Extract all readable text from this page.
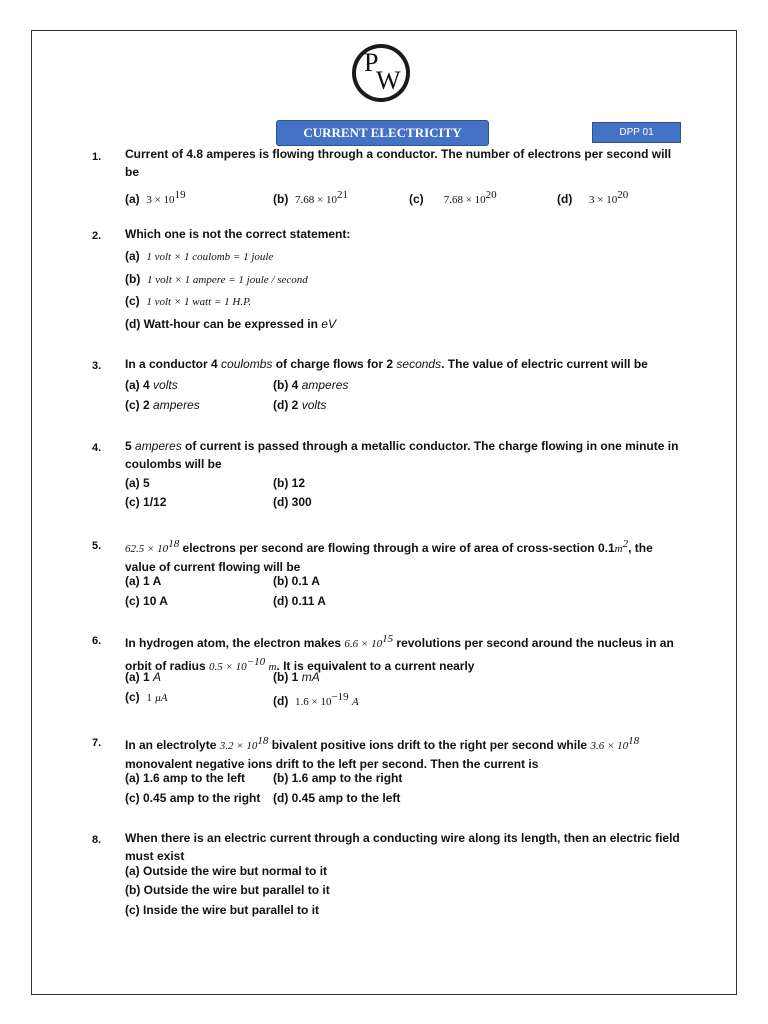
P
W
CURRENT ELECTRICITY	DPP 01
1. Current of 4.8 amperes is flowing through a conductor. The number of electrons per second will be
(a) $3 \times 10^{19}$	(b) $7.68 \times 10^{21}$	(c) $7.68 \times 10^{20}$	(d) $3 \times 10^{20}$
2. Which one is not the correct statement:
(a) 1 volt × 1 coulomb = 1 joule
(b) 1 volt × 1 ampere = 1 joule / second
(c) 1 volt × 1 watt = 1 H.P.
(d) Watt-hour can be expressed in eV
3. In a conductor 4 coulombs of charge flows for 2 seconds. The value of electric current will be
(a) 4 volts	(b) 4 amperes
(c) 2 amperes	(d) 2 volts
4. 5 amperes of current is passed through a metallic conductor. The charge flowing in one minute in coulombs will be
(a) 5	(b) 12
(c) 1/12	(d) 300
5. $62.5 \times 10^{18}$ electrons per second are flowing through a wire of area of cross-section $0.1m^2$, the value of current flowing will be
(a) 1 A	(b) 0.1 A
(c) 10 A	(d) 0.11 A
6. In hydrogen atom, the electron makes $6.6 \times 10^{15}$ revolutions per second around the nucleus in an orbit of radius $0.5 \times 10^{-10}$ m. It is equivalent to a current nearly
(a) 1 A	(b) 1 mA
(c) 1 μA	(d) $1.6 \times 10^{-19}$ A
7. In an electrolyte $3.2 \times 10^{18}$ bivalent positive ions drift to the right per second while $3.6 \times 10^{18}$ monovalent negative ions drift to the left per second. Then the current is
(a) 1.6 amp to the left (b) 1.6 amp to the right
(c) 0.45 amp to the right (d) 0.45 amp to the left
8. When there is an electric current through a conducting wire along its length, then an electric field must exist
(a) Outside the wire but normal to it
(b) Outside the wire but parallel to it
(c) Inside the wire but parallel to it
